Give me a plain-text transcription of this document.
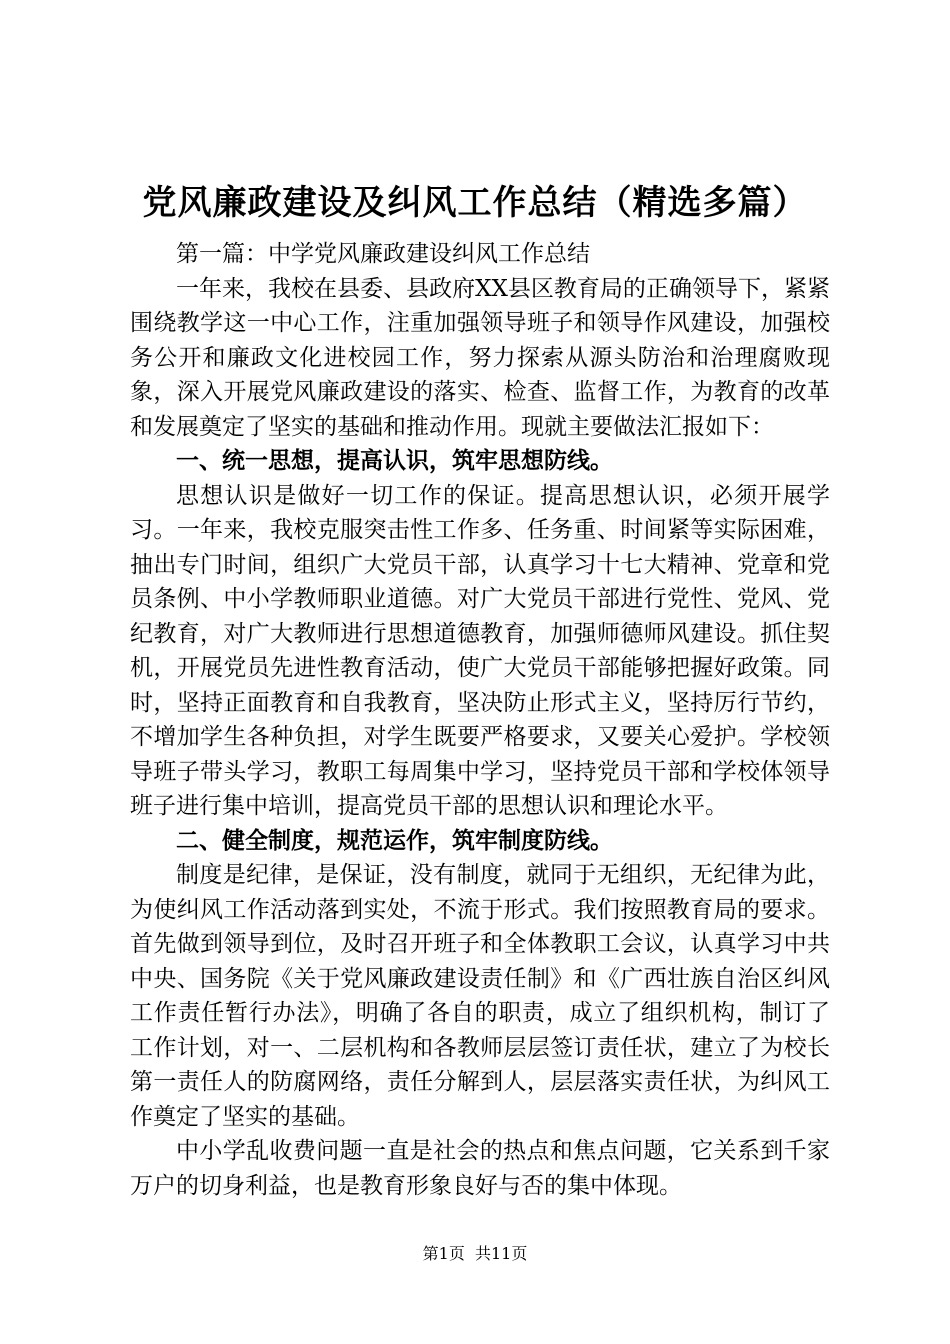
党风廉政建设及纠风工作总结（精选多篇）

第一篇：中学党风廉政建设纠风工作总结

一年来，我校在县委、县政府XX县区教育局的正确领导下，紧紧围绕教学这一中心工作，注重加强领导班子和领导作风建设，加强校务公开和廉政文化进校园工作，努力探索从源头防治和治理腐败现象，深入开展党风廉政建设的落实、检查、监督工作，为教育的改革和发展奠定了坚实的基础和推动作用。现就主要做法汇报如下：

一、统一思想，提高认识，筑牢思想防线。

思想认识是做好一切工作的保证。提高思想认识，必须开展学习。一年来，我校克服突击性工作多、任务重、时间紧等实际困难，抽出专门时间，组织广大党员干部，认真学习十七大精神、党章和党员条例、中小学教师职业道德。对广大党员干部进行党性、党风、党纪教育，对广大教师进行思想道德教育，加强师德师风建设。抓住契机，开展党员先进性教育活动，使广大党员干部能够把握好政策。同时，坚持正面教育和自我教育，坚决防止形式主义，坚持厉行节约，不增加学生各种负担，对学生既要严格要求，又要关心爱护。学校领导班子带头学习，教职工每周集中学习，坚持党员干部和学校体领导班子进行集中培训，提高党员干部的思想认识和理论水平。

二、健全制度，规范运作，筑牢制度防线。

制度是纪律，是保证，没有制度，就同于无组织，无纪律为此，为使纠风工作活动落到实处，不流于形式。我们按照教育局的要求。首先做到领导到位，及时召开班子和全体教职工会议，认真学习中共中央、国务院《关于党风廉政建设责任制》和《广西壮族自治区纠风工作责任暂行办法》，明确了各自的职责，成立了组织机构，制订了工作计划，对一、二层机构和各教师层层签订责任状，建立了为校长第一责任人的防腐网络，责任分解到人，层层落实责任状，为纠风工作奠定了坚实的基础。

中小学乱收费问题一直是社会的热点和焦点问题，它关系到千家万户的切身利益，也是教育形象良好与否的集中体现。

第1页  共11页
